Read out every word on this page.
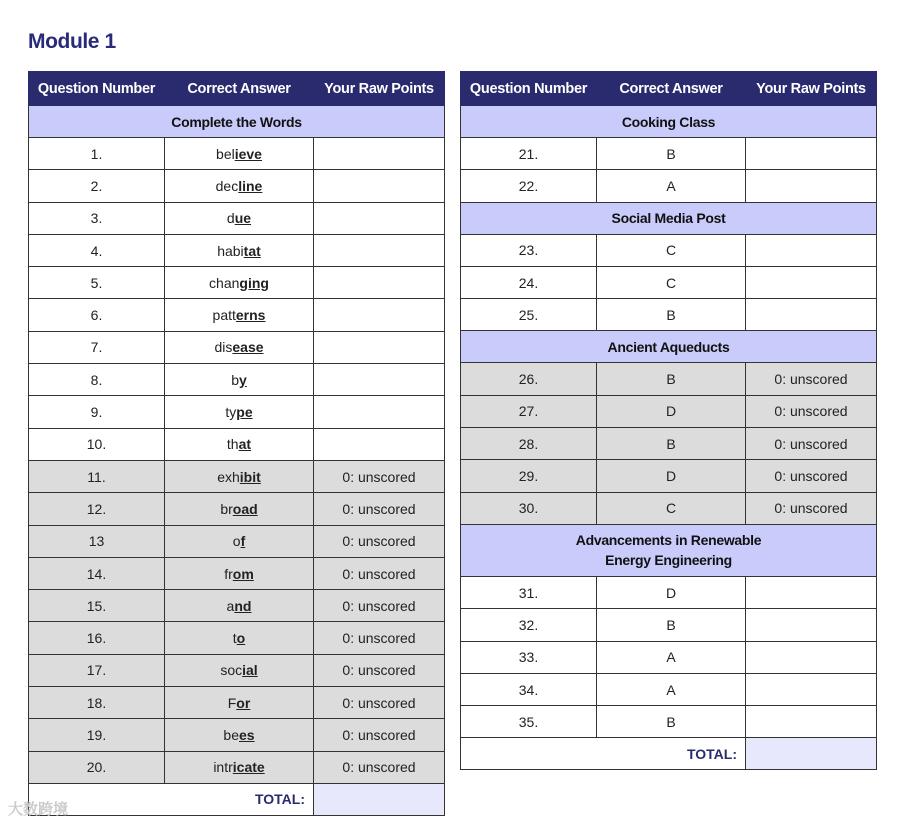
Module 1
Question Number	Correct Answer	Your Raw Points
Complete the Words		
1.	believe	
2.	decline	
3.	due	
4.	habitat	
5.	changing	
6.	patterns	
7.	disease	
8.	by	
9.	type	
10.	that	
11.	exhibit	0: unscored
12.	broad	0: unscored
13	of	0: unscored
14.	from	0: unscored
15.	and	0: unscored
16.	to	0: unscored
17.	social	0: unscored
18.	For	0: unscored
19.	bees	0: unscored
20.	intricate	0: unscored
TOTAL:		
Question Number	Correct Answer	Your Raw Points
Cooking Class		
21.	B	
22.	A	
Social Media Post		
23.	C	
24.	C	
25.	B	
Ancient Aqueducts		
26.	B	0: unscored
27.	D	0: unscored
28.	B	0: unscored
29.	D	0: unscored
30.	C	0: unscored

Advancements in Renewable
Energy Engineering		

31.	D	
32.	B	
33.	A	
34.	A	
35.	B	
TOTAL:		
大数跨境
